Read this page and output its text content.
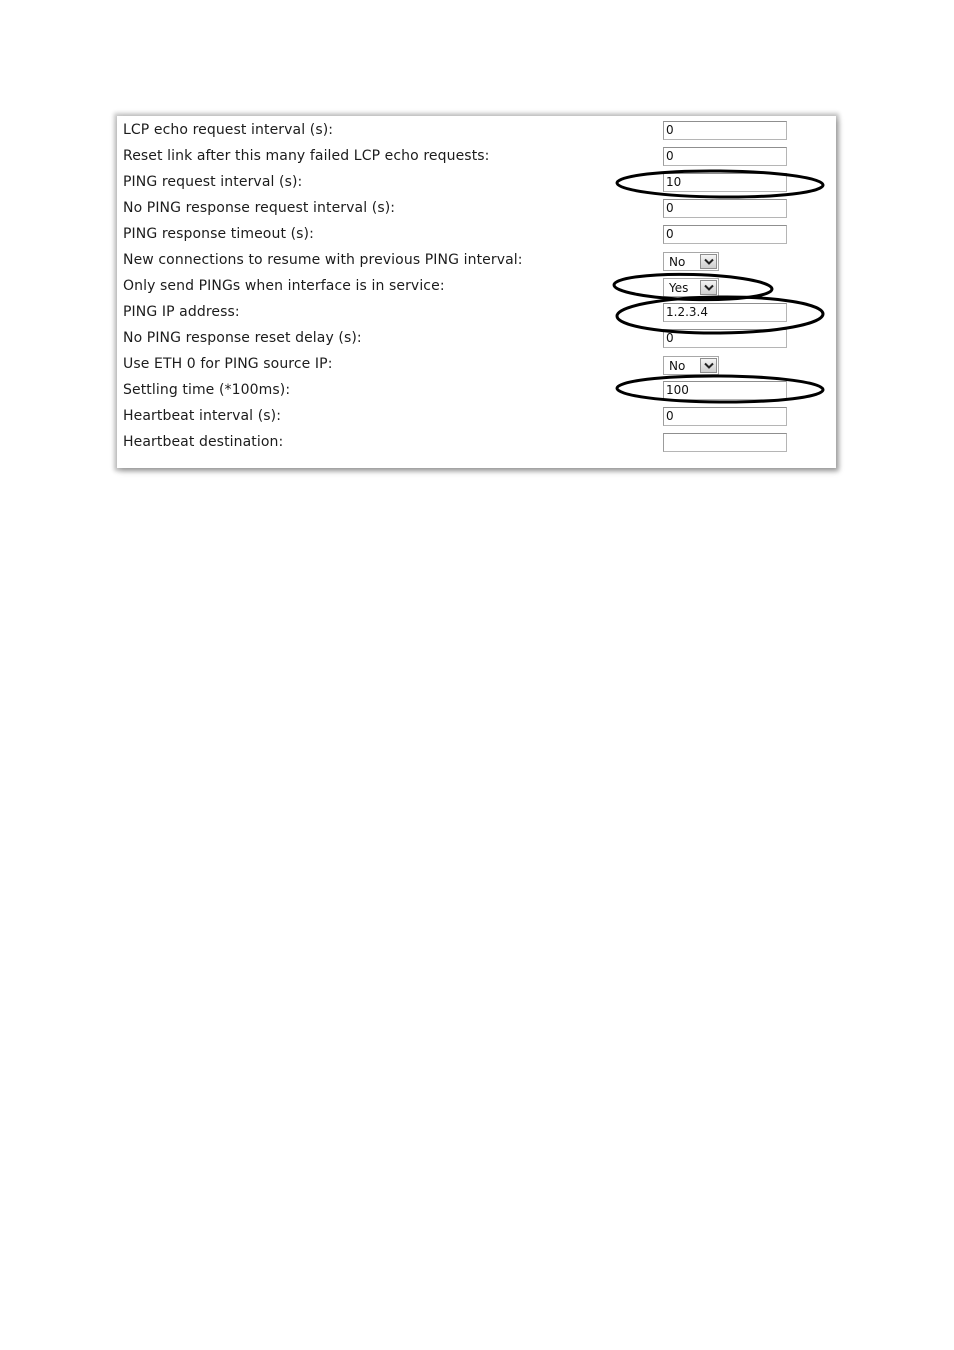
LCP echo request interval (s):	0
Reset link after this many failed LCP echo requests:	0
PING request interval (s):	10
No PING response request interval (s):	0
PING response timeout (s):	0
New connections to resume with previous PING interval:	No
Only send PINGs when interface is in service:	Yes
PING IP address:	1.2.3.4
No PING response reset delay (s):	0
Use ETH 0 for PING source IP:	No
Settling time (*100ms):	100
Heartbeat interval (s):	0
Heartbeat destination:
